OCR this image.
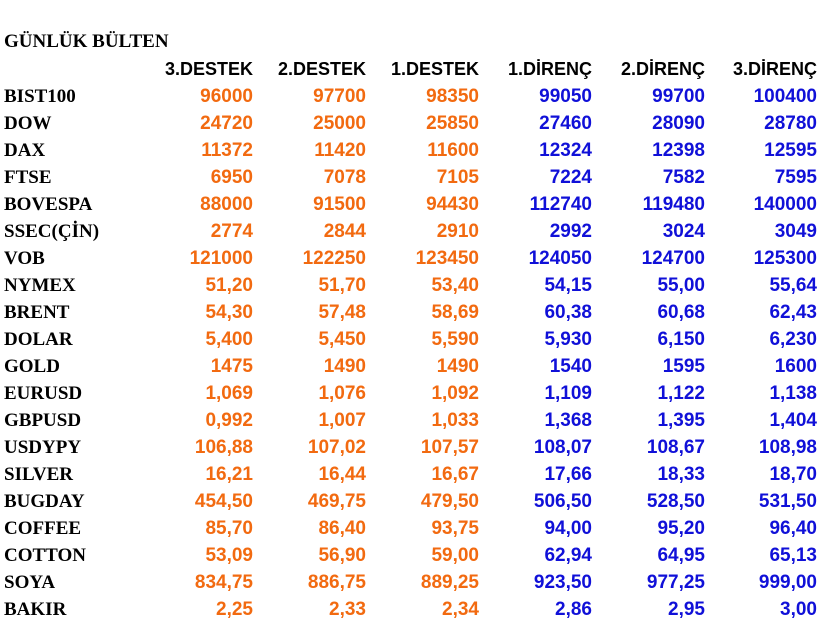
GÜNLÜK BÜLTEN
	3.DESTEK	2.DESTEK	1.DESTEK	1.DİRENÇ	2.DİRENÇ	3.DİRENÇ
BIST100	96000	97700	98350	99050	99700	100400
DOW	24720	25000	25850	27460	28090	28780
DAX	11372	11420	11600	12324	12398	12595
FTSE	6950	7078	7105	7224	7582	7595
BOVESPA	88000	91500	94430	112740	119480	140000
SSEC(ÇİN)	2774	2844	2910	2992	3024	3049
VOB	121000	122250	123450	124050	124700	125300
NYMEX	51,20	51,70	53,40	54,15	55,00	55,64
BRENT	54,30	57,48	58,69	60,38	60,68	62,43
DOLAR	5,400	5,450	5,590	5,930	6,150	6,230
GOLD	1475	1490	1490	1540	1595	1600
EURUSD	1,069	1,076	1,092	1,109	1,122	1,138
GBPUSD	0,992	1,007	1,033	1,368	1,395	1,404
USDYPY	106,88	107,02	107,57	108,07	108,67	108,98
SILVER	16,21	16,44	16,67	17,66	18,33	18,70
BUGDAY	454,50	469,75	479,50	506,50	528,50	531,50
COFFEE	85,70	86,40	93,75	94,00	95,20	96,40
COTTON	53,09	56,90	59,00	62,94	64,95	65,13
SOYA	834,75	886,75	889,25	923,50	977,25	999,00
BAKIR	2,25	2,33	2,34	2,86	2,95	3,00
